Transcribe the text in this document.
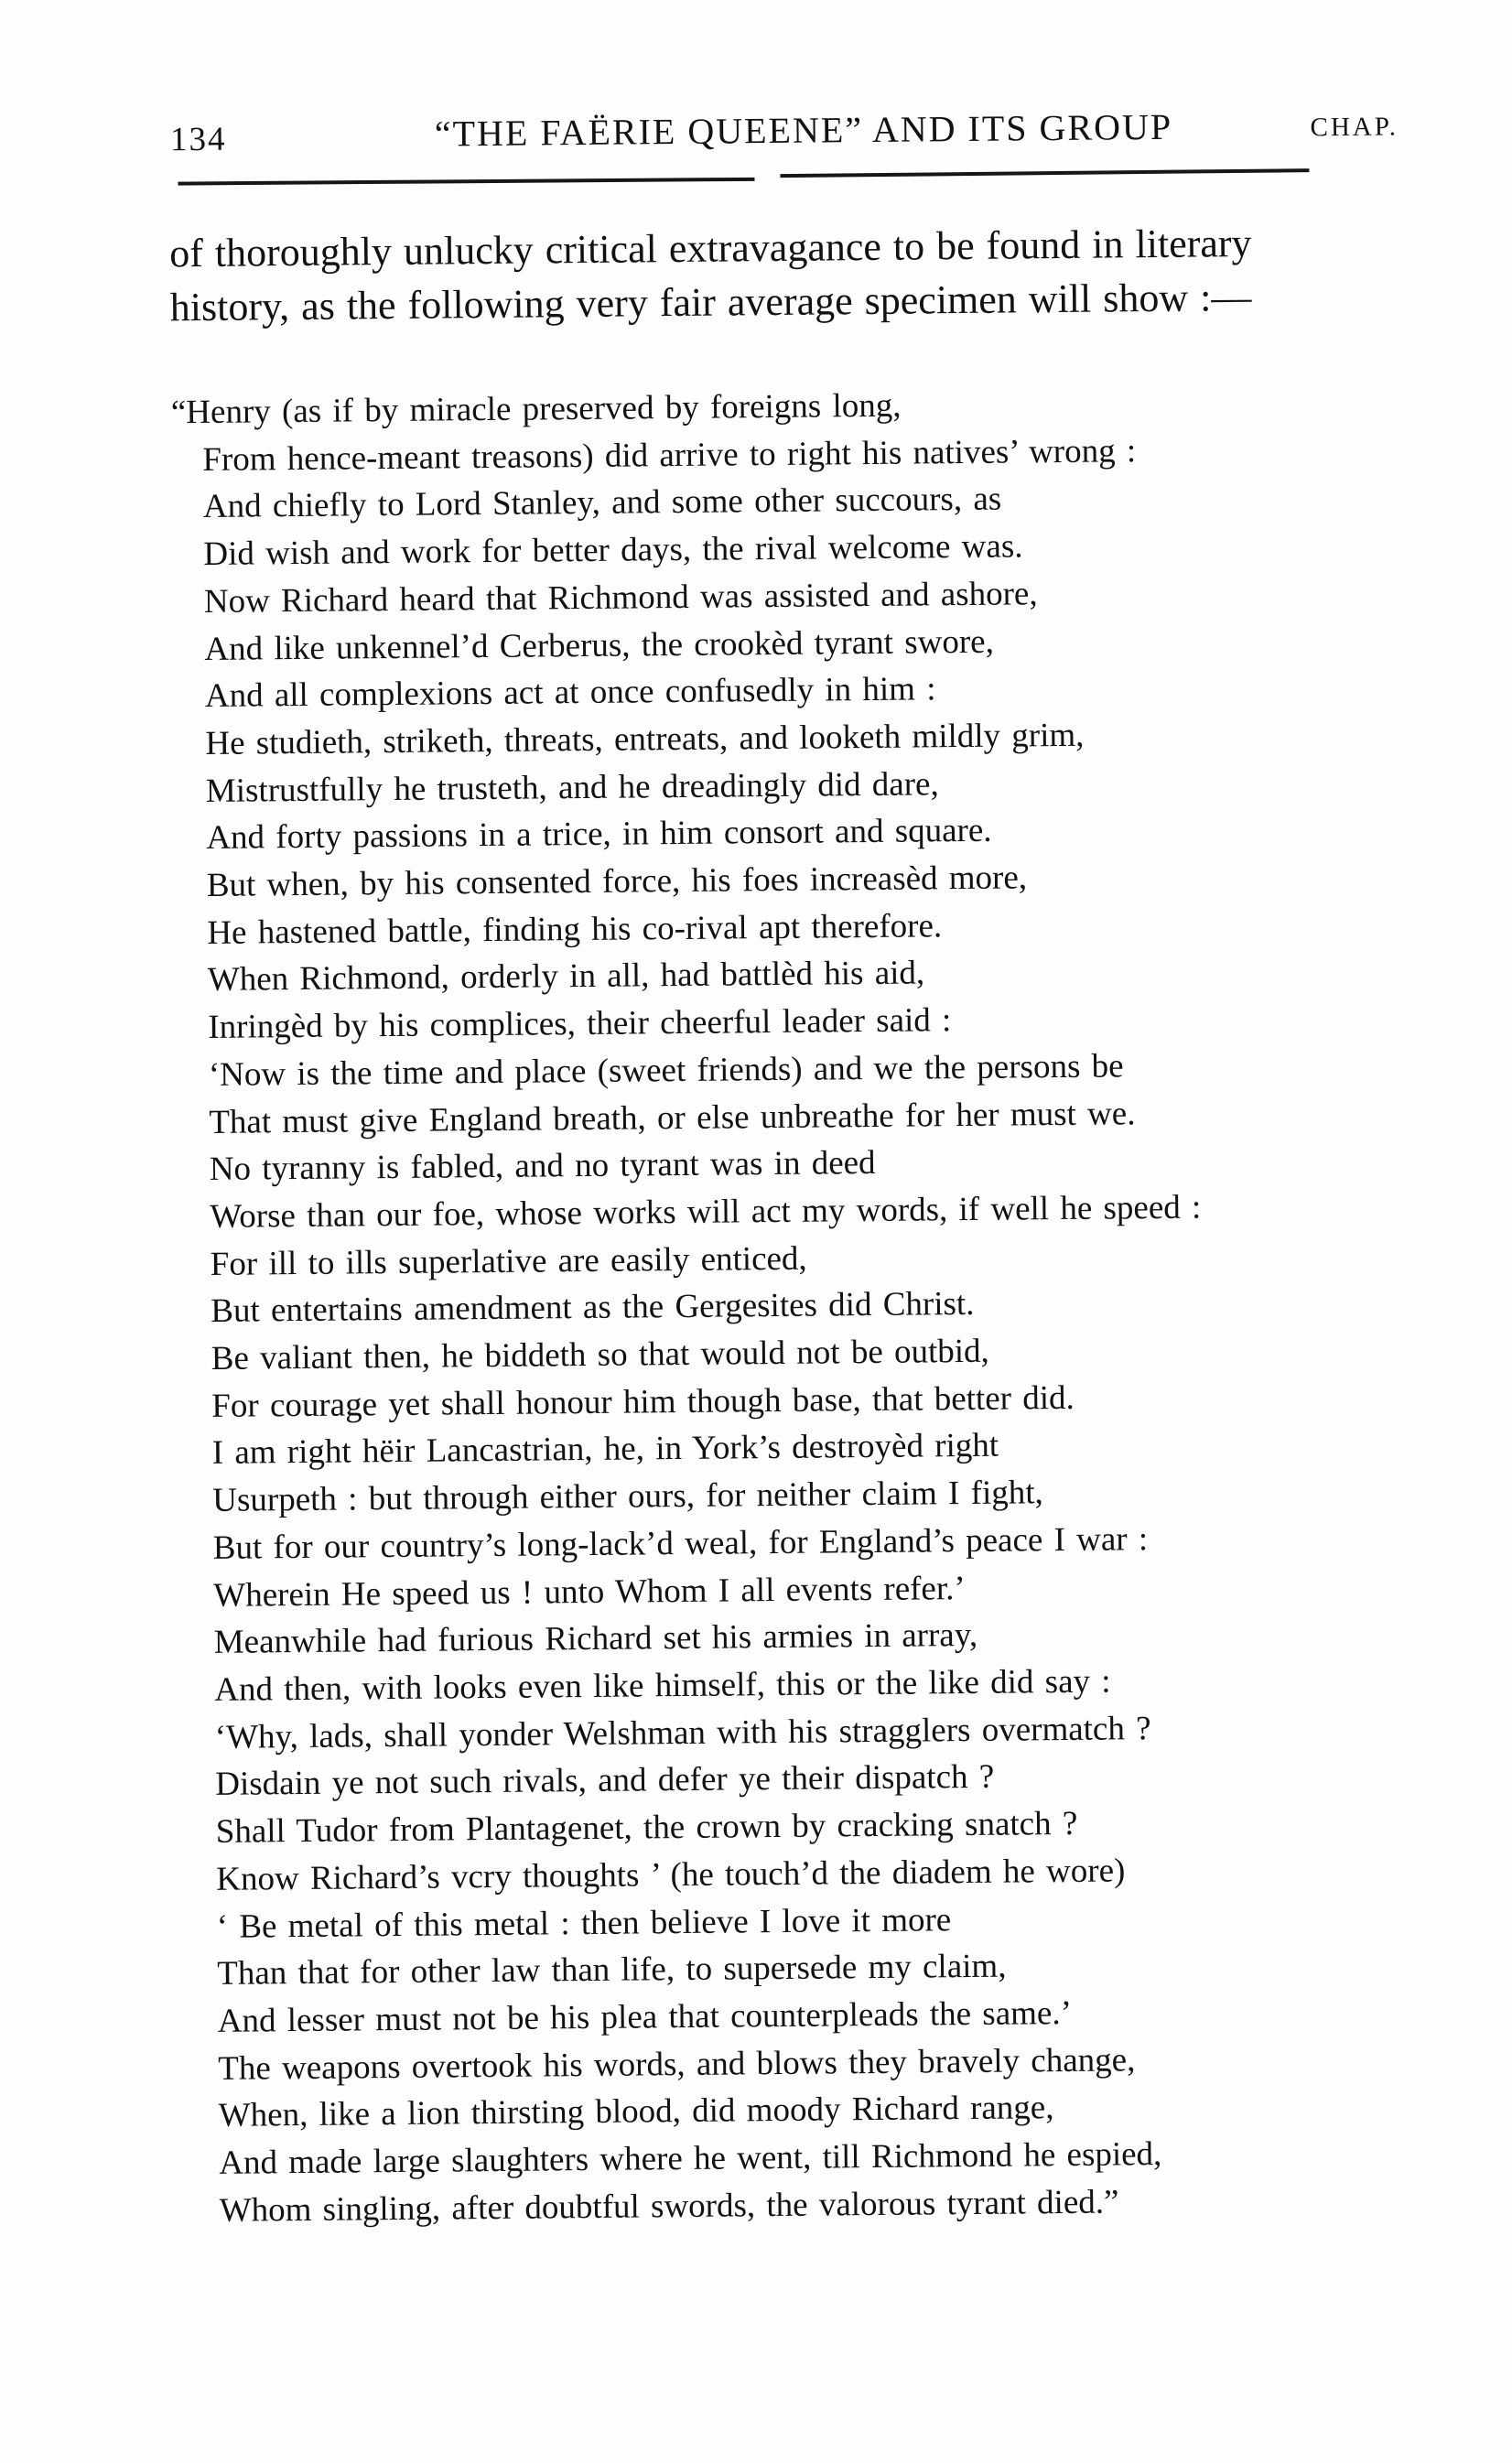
134	“THE FAËRIE QUEENE” AND ITS GROUP	CHAP.
of thoroughly unlucky critical extravagance to be found in literary
history, as the following very fair average specimen will show :—
“Henry (as if by miracle preserved by foreigns long,
From hence-meant treasons) did arrive to right his natives’ wrong :
And chiefly to Lord Stanley, and some other succours, as
Did wish and work for better days, the rival welcome was.
Now Richard heard that Richmond was assisted and ashore,
And like unkennel’d Cerberus, the crookèd tyrant swore,
And all complexions act at once confusedly in him :
He studieth, striketh, threats, entreats, and looketh mildly grim,
Mistrustfully he trusteth, and he dreadingly did dare,
And forty passions in a trice, in him consort and square.
But when, by his consented force, his foes increasèd more,
He hastened battle, finding his co-rival apt therefore.
When Richmond, orderly in all, had battlèd his aid,
Inringèd by his complices, their cheerful leader said :
‘Now is the time and place (sweet friends) and we the persons be
That must give England breath, or else unbreathe for her must we.
No tyranny is fabled, and no tyrant was in deed
Worse than our foe, whose works will act my words, if well he speed :
For ill to ills superlative are easily enticed,
But entertains amendment as the Gergesites did Christ.
Be valiant then, he biddeth so that would not be outbid,
For courage yet shall honour him though base, that better did.
I am right hëir Lancastrian, he, in York’s destroyèd right
Usurpeth : but through either ours, for neither claim I fight,
But for our country’s long-lack’d weal, for England’s peace I war :
Wherein He speed us ! unto Whom I all events refer.’
Meanwhile had furious Richard set his armies in array,
And then, with looks even like himself, this or the like did say :
‘Why, lads, shall yonder Welshman with his stragglers overmatch ?
Disdain ye not such rivals, and defer ye their dispatch ?
Shall Tudor from Plantagenet, the crown by cracking snatch ?
Know Richard’s vcry thoughts ’ (he touch’d the diadem he wore)
‘ Be metal of this metal : then believe I love it more
Than that for other law than life, to supersede my claim,
And lesser must not be his plea that counterpleads the same.’
The weapons overtook his words, and blows they bravely change,
When, like a lion thirsting blood, did moody Richard range,
And made large slaughters where he went, till Richmond he espied,
Whom singling, after doubtful swords, the valorous tyrant died.”
